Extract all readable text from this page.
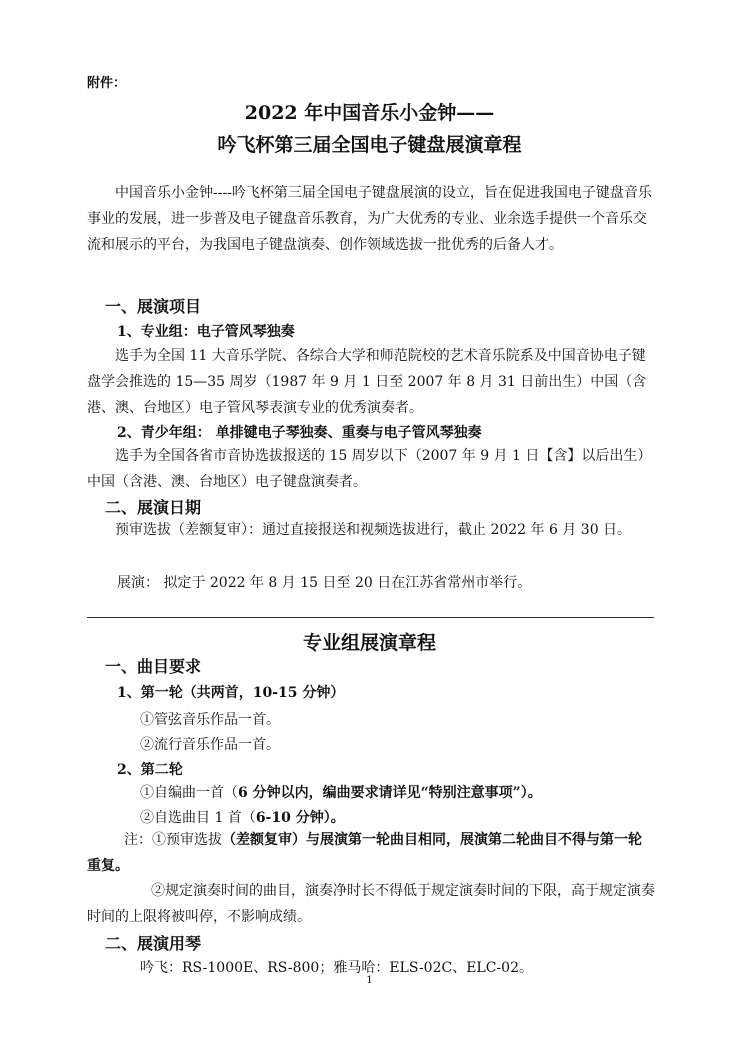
附件：
2022 年中国音乐小金钟——
吟飞杯第三届全国电子键盘展演章程
中国音乐小金钟----吟飞杯第三届全国电子键盘展演的设立，旨在促进我国电子键盘音乐事业的发展，进一步普及电子键盘音乐教育，为广大优秀的专业、业余选手提供一个音乐交流和展示的平台，为我国电子键盘演奏、创作领域选拔一批优秀的后备人才。
一、展演项目
1、专业组：电子管风琴独奏
选手为全国 11 大音乐学院、各综合大学和师范院校的艺术音乐院系及中国音协电子键盘学会推选的 15—35 周岁（1987 年 9 月 1 日至 2007 年 8 月 31 日前出生）中国（含港、澳、台地区）电子管风琴表演专业的优秀演奏者。
2、青少年组： 单排键电子琴独奏、重奏与电子管风琴独奏
选手为全国各省市音协选拔报送的 15 周岁以下（2007 年 9 月 1 日【含】以后出生）中国（含港、澳、台地区）电子键盘演奏者。
二、展演日期
预审选拔（差额复审）：通过直接报送和视频选拔进行，截止 2022 年 6 月 30 日。
展演： 拟定于 2022 年 8 月 15 日至 20 日在江苏省常州市举行。
专业组展演章程
一、曲目要求
1、第一轮（共两首，10-15 分钟）
①管弦音乐作品一首。
②流行音乐作品一首。
2、第二轮
①自编曲一首（6 分钟以内，编曲要求请详见“特别注意事项”）。
②自选曲目 1 首（6-10 分钟）。
注：①预审选拔（差额复审）与展演第一轮曲目相同，展演第二轮曲目不得与第一轮重复。
②规定演奏时间的曲目，演奏净时长不得低于规定演奏时间的下限，高于规定演奏时间的上限将被叫停，不影响成绩。
二、展演用琴
吟飞：RS-1000E、RS-800；雅马哈：ELS-02C、ELC-02。
1
